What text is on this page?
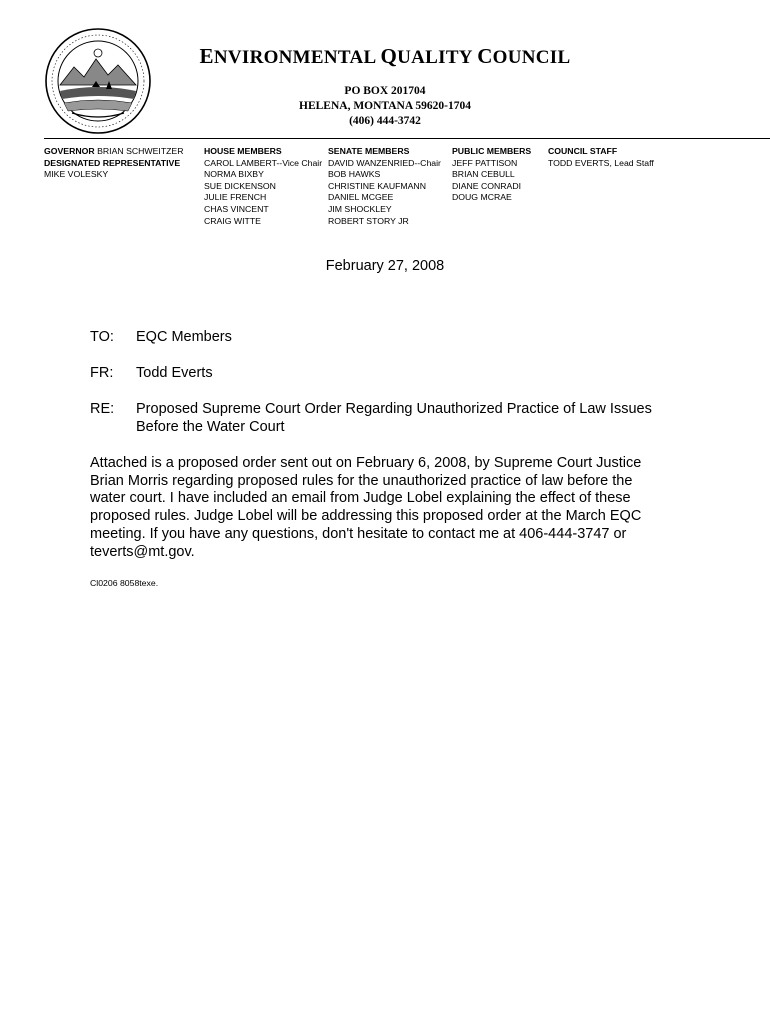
ENVIRONMENTAL QUALITY COUNCIL
PO BOX 201704
HELENA, MONTANA 59620-1704
(406) 444-3742
GOVERNOR BRIAN SCHWEITZER
DESIGNATED REPRESENTATIVE
MIKE VOLESKY
HOUSE MEMBERS
CAROL LAMBERT--Vice Chair
NORMA BIXBY
SUE DICKENSON
JULIE FRENCH
CHAS VINCENT
CRAIG WITTE
SENATE MEMBERS
DAVID WANZENRIED--Chair
BOB HAWKS
CHRISTINE KAUFMANN
DANIEL MCGEE
JIM SHOCKLEY
ROBERT STORY JR
PUBLIC MEMBERS
JEFF PATTISON
BRIAN CEBULL
DIANE CONRADI
DOUG MCRAE
COUNCIL STAFF
TODD EVERTS, Lead Staff
February 27, 2008
TO: EQC Members
FR: Todd Everts
RE: Proposed Supreme Court Order Regarding Unauthorized Practice of Law Issues
Before the Water Court
Attached is a proposed order sent out on February 6, 2008, by Supreme Court Justice
Brian Morris regarding proposed rules for the unauthorized practice of law before the
water court. I have included an email from Judge Lobel explaining the effect of these
proposed rules. Judge Lobel will be addressing this proposed order at the March EQC
meeting. If you have any questions, don't hesitate to contact me at 406-444-3747 or
teverts@mt.gov.
Cl0206 8058texe.
